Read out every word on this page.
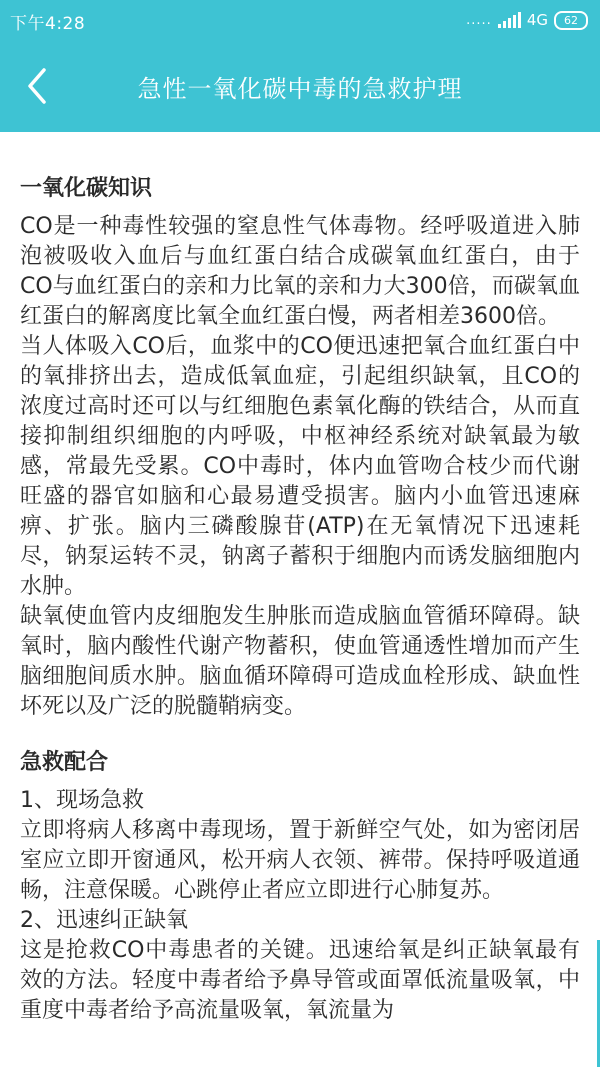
下午4:28	..... 4G 62
急性一氧化碳中毒的急救护理
一氧化碳知识

CO是一种毒性较强的窒息性气体毒物。经呼吸道进入肺泡被吸收入血后与血红蛋白结合成碳氧血红蛋白，由于CO与血红蛋白的亲和力比氧的亲和力大300倍，而碳氧血红蛋白的解离度比氧全血红蛋白慢，两者相差3600倍。

当人体吸入CO后，血浆中的CO便迅速把氧合血红蛋白中的氧排挤出去，造成低氧血症，引起组织缺氧，且CO的浓度过高时还可以与红细胞色素氧化酶的铁结合，从而直接抑制组织细胞的内呼吸，中枢神经系统对缺氧最为敏感，常最先受累。CO中毒时，体内血管吻合枝少而代谢旺盛的器官如脑和心最易遭受损害。脑内小血管迅速麻痹、扩张。脑内三磷酸腺苷(ATP)在无氧情况下迅速耗尽，钠泵运转不灵，钠离子蓄积于细胞内而诱发脑细胞内水肿。

缺氧使血管内皮细胞发生肿胀而造成脑血管循环障碍。缺氧时，脑内酸性代谢产物蓄积，使血管通透性增加而产生脑细胞间质水肿。脑血循环障碍可造成血栓形成、缺血性坏死以及广泛的脱髓鞘病变。

急救配合

1、现场急救

立即将病人移离中毒现场，置于新鲜空气处，如为密闭居室应立即开窗通风，松开病人衣领、裤带。保持呼吸道通畅，注意保暖。心跳停止者应立即进行心肺复苏。

2、迅速纠正缺氧

这是抢救CO中毒患者的关键。迅速给氧是纠正缺氧最有效的方法。轻度中毒者给予鼻导管或面罩低流量吸氧，中重度中毒者给予高流量吸氧，氧流量为
